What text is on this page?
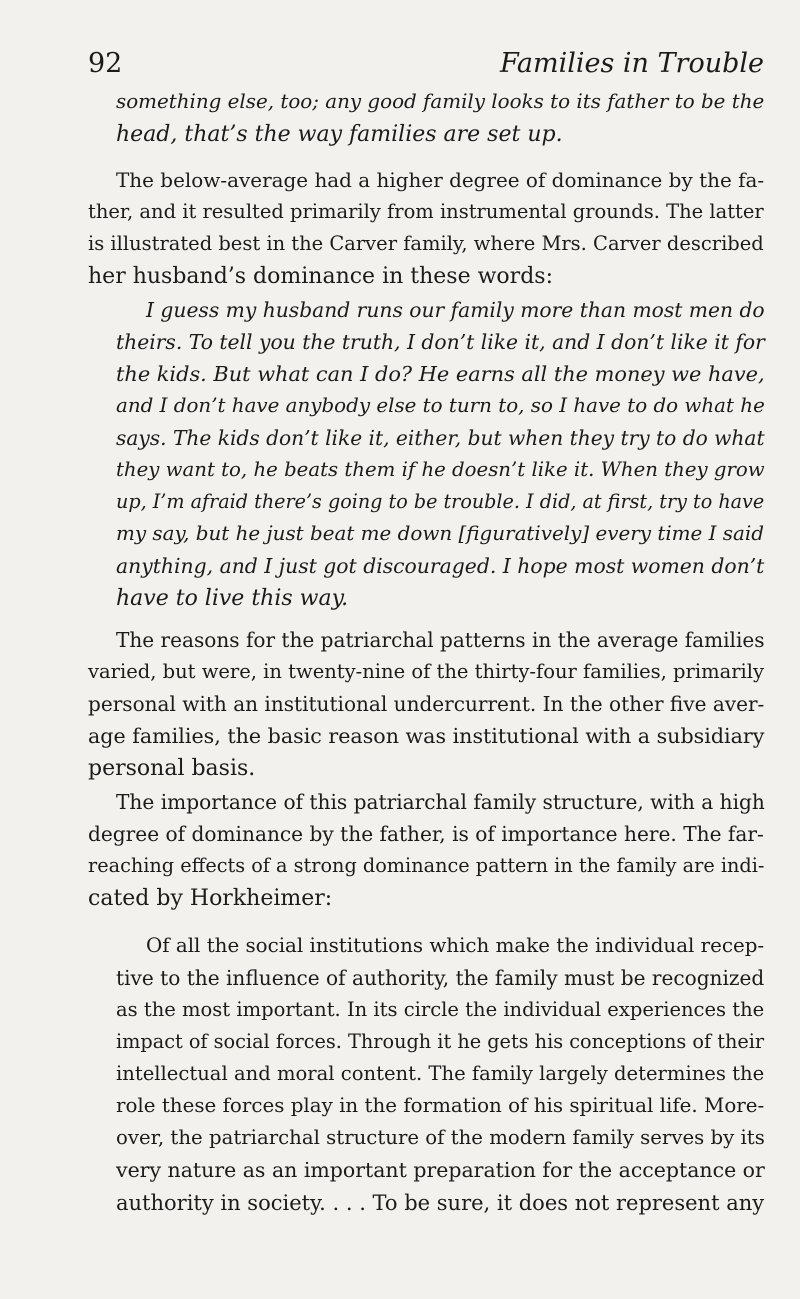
92	Families in Trouble
something else, too; any good family looks to its father to be the
head, that’s the way families are set up.
The below-average had a higher degree of dominance by the fa-
ther, and it resulted primarily from instrumental grounds. The latter
is illustrated best in the Carver family, where Mrs. Carver described
her husband’s dominance in these words:
I guess my husband runs our family more than most men do
theirs. To tell you the truth, I don’t like it, and I don’t like it for
the kids. But what can I do? He earns all the money we have,
and I don’t have anybody else to turn to, so I have to do what he
says. The kids don’t like it, either, but when they try to do what
they want to, he beats them if he doesn’t like it. When they grow
up, I’m afraid there’s going to be trouble. I did, at first, try to have
my say, but he just beat me down [figuratively] every time I said
anything, and I just got discouraged. I hope most women don’t
have to live this way.
The reasons for the patriarchal patterns in the average families
varied, but were, in twenty-nine of the thirty-four families, primarily
personal with an institutional undercurrent. In the other five aver-
age families, the basic reason was institutional with a subsidiary
personal basis.
The importance of this patriarchal family structure, with a high
degree of dominance by the father, is of importance here. The far-
reaching effects of a strong dominance pattern in the family are indi-
cated by Horkheimer:
Of all the social institutions which make the individual recep-
tive to the influence of authority, the family must be recognized
as the most important. In its circle the individual experiences the
impact of social forces. Through it he gets his conceptions of their
intellectual and moral content. The family largely determines the
role these forces play in the formation of his spiritual life. More-
over, the patriarchal structure of the modern family serves by its
very nature as an important preparation for the acceptance or
authority in society. . . . To be sure, it does not represent any
